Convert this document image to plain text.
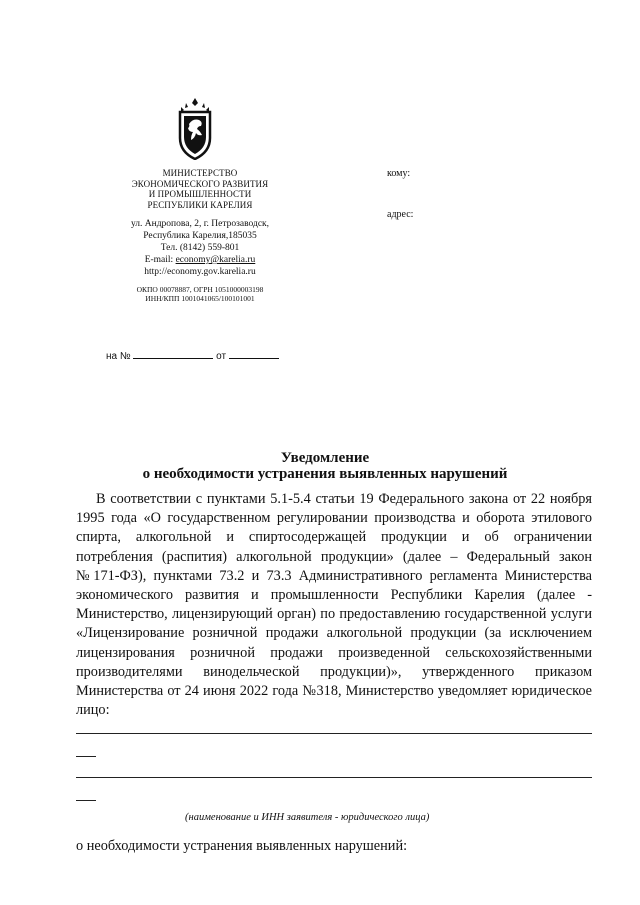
МИНИСТЕРСТВО
ЭКОНОМИЧЕСКОГО РАЗВИТИЯ
И ПРОМЫШЛЕННОСТИ
РЕСПУБЛИКИ КАРЕЛИЯ
ул. Андропова, 2, г. Петрозаводск,
Республика Карелия,185035
Тел. (8142) 559-801
E-mail: economy@karelia.ru
http://economy.gov.karelia.ru
ОКПО 00078887, ОГРН 1051000003198
ИНН/КПП 1001041065/100101001
кому:
адрес:
на №	от
Уведомление
о необходимости устранения выявленных нарушений
В соответствии с пунктами 5.1-5.4 статьи 19 Федерального закона от 22 ноября 1995 года «О государственном регулировании производства и оборота этилового спирта, алкогольной и спиртосодержащей продукции и об ограничении потребления (распития) алкогольной продукции» (далее – Федеральный закон №171-ФЗ), пунктами 73.2 и 73.3 Административного регламента Министерства экономического развития и промышленности Республики Карелия (далее - Министерство, лицензирующий орган) по предоставлению государственной услуги «Лицензирование розничной продажи алкогольной продукции (за исключением лицензирования розничной продажи произведенной сельскохозяйственными производителями винодельческой продукции)», утвержденного приказом Министерства от 24 июня 2022 года №318, Министерство уведомляет юридическое лицо:
(наименование и ИНН заявителя - юридического лица)
о необходимости устранения выявленных нарушений:
